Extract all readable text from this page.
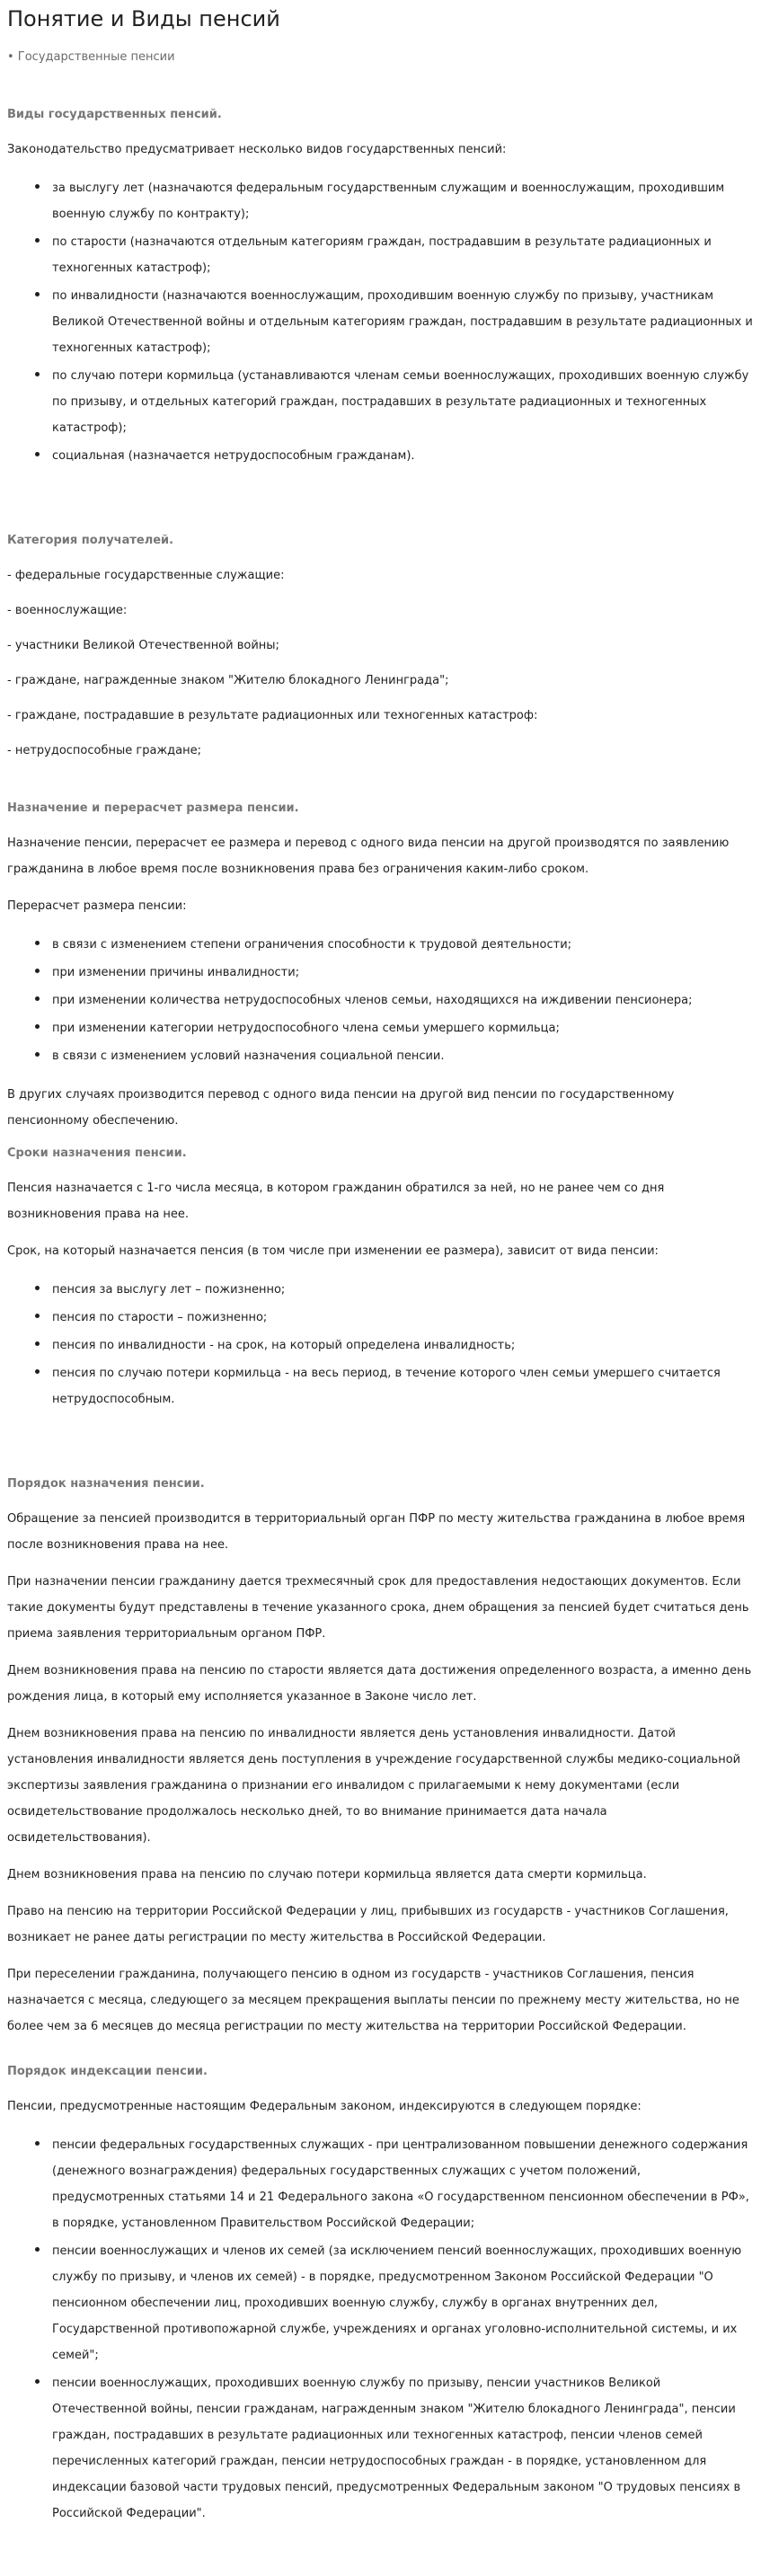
Понятие и Виды пенсий
• Государственные пенсии
Виды государственных пенсий.

Законодательство предусматривает несколько видов государственных пенсий:

• за выслугу лет (назначаются федеральным государственным служащим и военнослужащим, проходившим военную службу по контракту);
• по старости (назначаются отдельным категориям граждан, пострадавшим в результате радиационных и техногенных катастроф);
• по инвалидности (назначаются военнослужащим, проходившим военную службу по призыву, участникам Великой Отечественной войны и отдельным категориям граждан, пострадавшим в результате радиационных и техногенных катастроф);
• по случаю потери кормильца (устанавливаются членам семьи военнослужащих, проходивших военную службу по призыву, и отдельных категорий граждан, пострадавших в результате радиационных и техногенных катастроф);
• социальная (назначается нетрудоспособным гражданам).
Категория получателей.
- федеральные государственные служащие:
- военнослужащие:
- участники Великой Отечественной войны;
- граждане, награжденные знаком "Жителю блокадного Ленинграда";
- граждане, пострадавшие в результате радиационных или техногенных катастроф:
- нетрудоспособные граждане;
Назначение и перерасчет размера пенсии.

Назначение пенсии, перерасчет ее размера и перевод с одного вида пенсии на другой производятся по заявлению гражданина в любое время после возникновения права без ограничения каким-либо сроком.

Перерасчет размера пенсии:

• в связи с изменением степени ограничения способности к трудовой деятельности;
• при изменении причины инвалидности;
• при изменении количества нетрудоспособных членов семьи, находящихся на иждивении пенсионера;
• при изменении категории нетрудоспособного члена семьи умершего кормильца;
• в связи с изменением условий назначения социальной пенсии.

В других случаях производится перевод с одного вида пенсии на другой вид пенсии по государственному пенсионному обеспечению.

Сроки назначения пенсии.

Пенсия назначается с 1-го числа месяца, в котором гражданин обратился за ней, но не ранее чем со дня возникновения права на нее.

Срок, на который назначается пенсия (в том числе при изменении ее размера), зависит от вида пенсии:

• пенсия за выслугу лет – пожизненно;
• пенсия по старости – пожизненно;
• пенсия по инвалидности - на срок, на который определена инвалидность;
• пенсия по случаю потери кормильца - на весь период, в течение которого член семьи умершего считается нетрудоспособным.
Порядок назначения пенсии.

Обращение за пенсией производится в территориальный орган ПФР по месту жительства гражданина в любое время после возникновения права на нее.

При назначении пенсии гражданину дается трехмесячный срок для предоставления недостающих документов. Если такие документы будут представлены в течение указанного срока, днем обращения за пенсией будет считаться день приема заявления территориальным органом ПФР.

Днем возникновения права на пенсию по старости является дата достижения определенного возраста, а именно день рождения лица, в который ему исполняется указанное в Законе число лет.

Днем возникновения права на пенсию по инвалидности является день установления инвалидности. Датой установления инвалидности является день поступления в учреждение государственной службы медико-социальной экспертизы заявления гражданина о признании его инвалидом с прилагаемыми к нему документами (если освидетельствование продолжалось несколько дней, то во внимание принимается дата начала освидетельствования).

Днем возникновения права на пенсию по случаю потери кормильца является дата смерти кормильца.

Право на пенсию на территории Российской Федерации у лиц, прибывших из государств - участников Соглашения, возникает не ранее даты регистрации по месту жительства в Российской Федерации.

При переселении гражданина, получающего пенсию в одном из государств - участников Соглашения, пенсия назначается с месяца, следующего за месяцем прекращения выплаты пенсии по прежнему месту жительства, но не более чем за 6 месяцев до месяца регистрации по месту жительства на территории Российской Федерации.

Порядок индексации пенсии.

Пенсии, предусмотренные настоящим Федеральным законом, индексируются в следующем порядке:

• пенсии федеральных государственных служащих - при централизованном повышении денежного содержания (денежного вознаграждения) федеральных государственных служащих с учетом положений, предусмотренных статьями 14 и 21 Федерального закона «О государственном пенсионном обеспечении в РФ», в порядке, установленном Правительством Российской Федерации;
• пенсии военнослужащих и членов их семей (за исключением пенсий военнослужащих, проходивших военную службу по призыву, и членов их семей) - в порядке, предусмотренном Законом Российской Федерации "О пенсионном обеспечении лиц, проходивших военную службу, службу в органах внутренних дел, Государственной противопожарной службе, учреждениях и органах уголовно-исполнительной системы, и их семей";
• пенсии военнослужащих, проходивших военную службу по призыву, пенсии участников Великой Отечественной войны, пенсии гражданам, награжденным знаком "Жителю блокадного Ленинграда", пенсии граждан, пострадавших в результате радиационных или техногенных катастроф, пенсии членов семей перечисленных категорий граждан, пенсии нетрудоспособных граждан - в порядке, установленном для индексации базовой части трудовых пенсий, предусмотренных Федеральным законом "О трудовых пенсиях в Российской Федерации".
